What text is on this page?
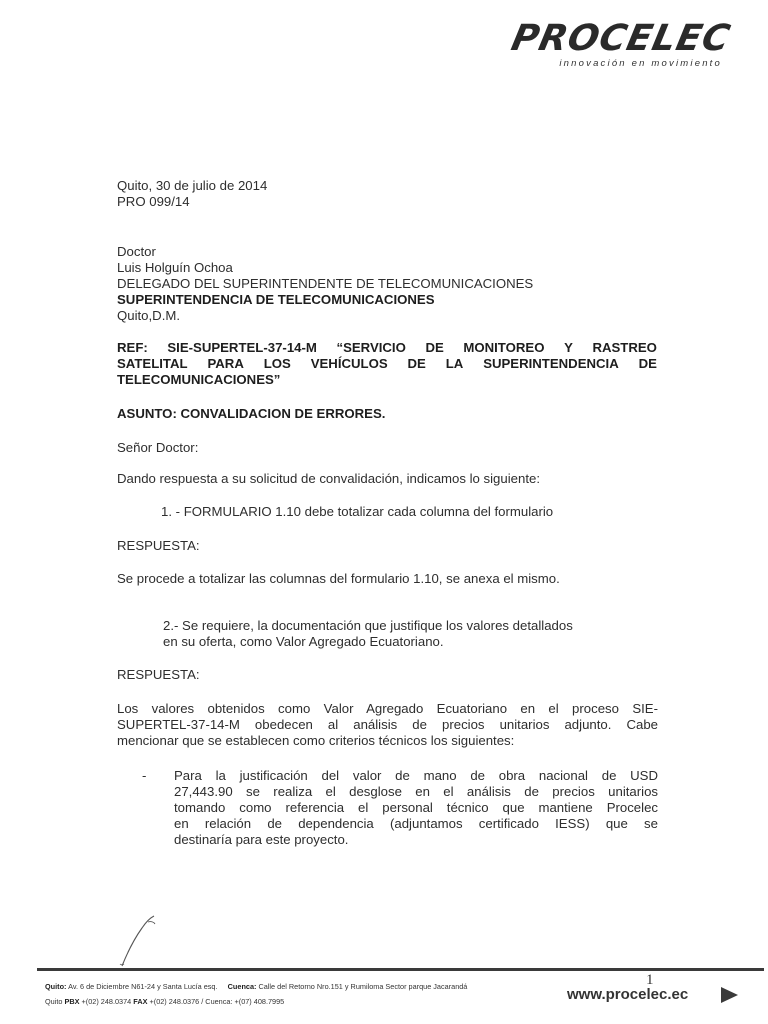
PROCELEC
innovación en movimiento
Quito, 30 de julio de 2014
PRO 099/14
Doctor
Luis Holguín Ochoa
DELEGADO DEL SUPERINTENDENTE DE TELECOMUNICACIONES
SUPERINTENDENCIA DE TELECOMUNICACIONES
Quito,D.M.
REF: SIE-SUPERTEL-37-14-M “SERVICIO DE MONITOREO Y RASTREO
SATELITAL PARA LOS VEHÍCULOS DE LA SUPERINTENDENCIA DE
TELECOMUNICACIONES”
ASUNTO: CONVALIDACION DE ERRORES.
Señor Doctor:
Dando respuesta a su solicitud de convalidación, indicamos lo siguiente:
1. - FORMULARIO 1.10 debe totalizar cada columna del formulario
RESPUESTA:
Se procede a totalizar las columnas del formulario 1.10, se anexa el mismo.
2.- Se requiere, la documentación que justifique los valores detallados
en su oferta, como Valor Agregado Ecuatoriano.
RESPUESTA:
Los valores obtenidos como Valor Agregado Ecuatoriano en el proceso SIE-
SUPERTEL-37-14-M obedecen al análisis de precios unitarios adjunto. Cabe
mencionar que se establecen como criterios técnicos los siguientes:
- Para la justificación del valor de mano de obra nacional de USD
27,443.90 se realiza el desglose en el análisis de precios unitarios
tomando como referencia el personal técnico que mantiene Procelec
en relación de dependencia (adjuntamos certificado IESS) que se
destinaría para este proyecto.
1
Quito: Av. 6 de Diciembre N61-24 y Santa Lucía esq. Cuenca: Calle del Retorno Nro.151 y Rumiloma Sector parque Jacarandá
Quito PBX +(02) 248.0374 FAX +(02) 248.0376 / Cuenca: +(07) 408.7995	www.procelec.ec
